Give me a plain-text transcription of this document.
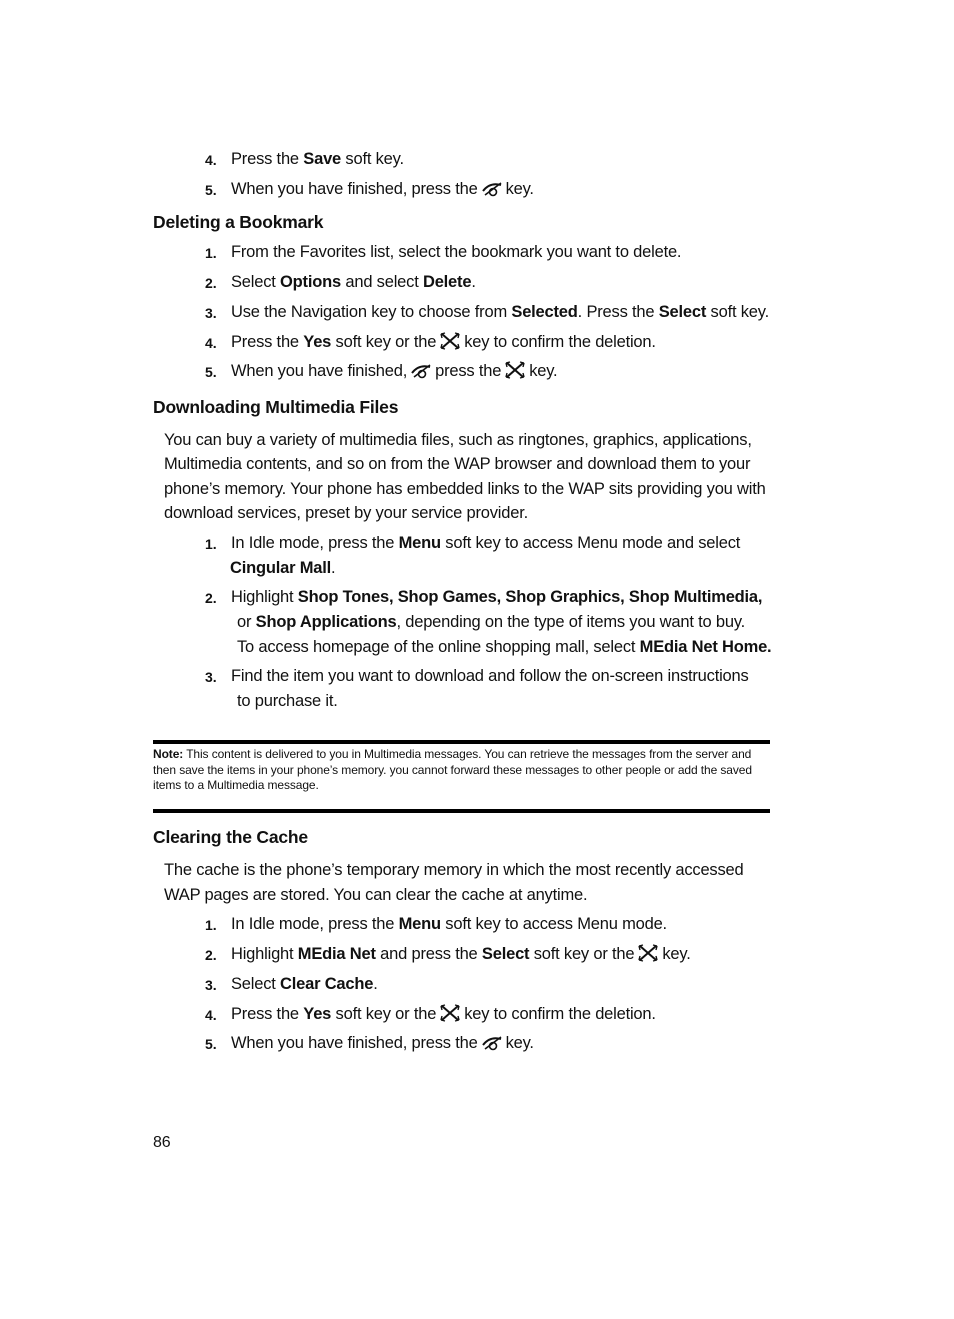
4. Press the Save soft key.
5. When you have finished, press the key.
Deleting a Bookmark
1. From the Favorites list, select the bookmark you want to delete.
2. Select Options and select Delete.
3. Use the Navigation key to choose from Selected. Press the Select soft key.
4. Press the Yes soft key or the key to confirm the deletion.
5. When you have finished, press the key.
Downloading Multimedia Files
You can buy a variety of multimedia files, such as ringtones, graphics, applications,
Multimedia contents, and so on from the WAP browser and download them to your
phone’s memory. Your phone has embedded links to the WAP sits providing you with
download services, preset by your service provider.
1. In Idle mode, press the Menu soft key to access Menu mode and select
Cingular Mall.
2. Highlight Shop Tones, Shop Games, Shop Graphics, Shop Multimedia,
or Shop Applications, depending on the type of items you want to buy.
To access homepage of the online shopping mall, select MEdia Net Home.
3. Find the item you want to download and follow the on-screen instructions
to purchase it.
Note: This content is delivered to you in Multimedia messages. You can retrieve the messages from the server and then save the items in your phone’s memory. you cannot forward these messages to other people or add the saved items to a Multimedia message.
Clearing the Cache
The cache is the phone’s temporary memory in which the most recently accessed
WAP pages are stored. You can clear the cache at anytime.
1. In Idle mode, press the Menu soft key to access Menu mode.
2. Highlight MEdia Net and press the Select soft key or the key.
3. Select Clear Cache.
4. Press the Yes soft key or the key to confirm the deletion.
5. When you have finished, press the key.
86
